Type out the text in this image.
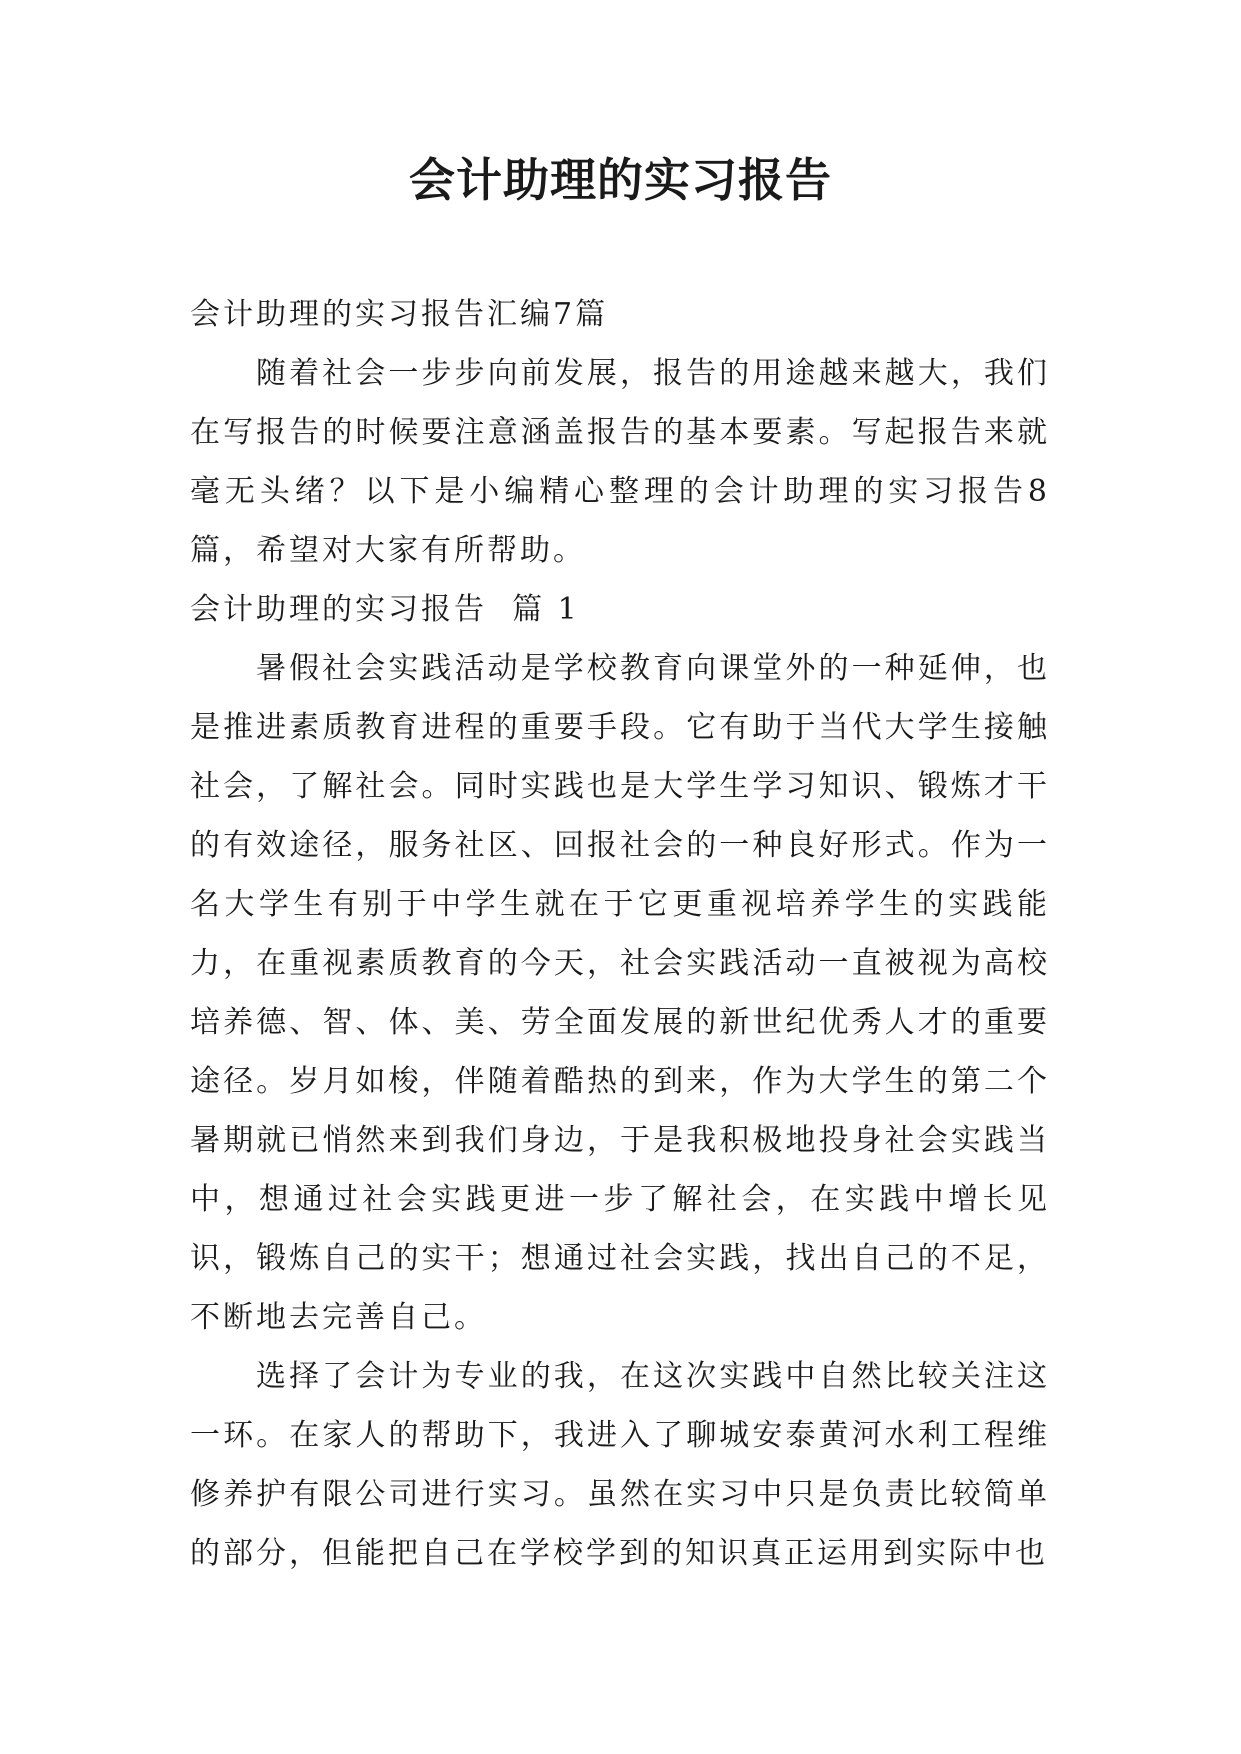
会计助理的实习报告

会计助理的实习报告汇编7篇

随着社会一步步向前发展，报告的用途越来越大，我们在写报告的时候要注意涵盖报告的基本要素。写起报告来就毫无头绪？以下是小编精心整理的会计助理的实习报告8篇，希望对大家有所帮助。

会计助理的实习报告  篇 1

暑假社会实践活动是学校教育向课堂外的一种延伸，也是推进素质教育进程的重要手段。它有助于当代大学生接触社会，了解社会。同时实践也是大学生学习知识、锻炼才干的有效途径，服务社区、回报社会的一种良好形式。作为一名大学生有别于中学生就在于它更重视培养学生的实践能力，在重视素质教育的今天，社会实践活动一直被视为高校培养德、智、体、美、劳全面发展的新世纪优秀人才的重要途径。岁月如梭，伴随着酷热的到来，作为大学生的第二个暑期就已悄然来到我们身边，于是我积极地投身社会实践当中，想通过社会实践更进一步了解社会，在实践中增长见识，锻炼自己的实干；想通过社会实践，找出自己的不足，不断地去完善自己。

选择了会计为专业的我，在这次实践中自然比较关注这一环。在家人的帮助下，我进入了聊城安泰黄河水利工程维修养护有限公司进行实习。虽然在实习中只是负责比较简单的部分，但能把自己在学校学到的知识真正运用到实际中也
